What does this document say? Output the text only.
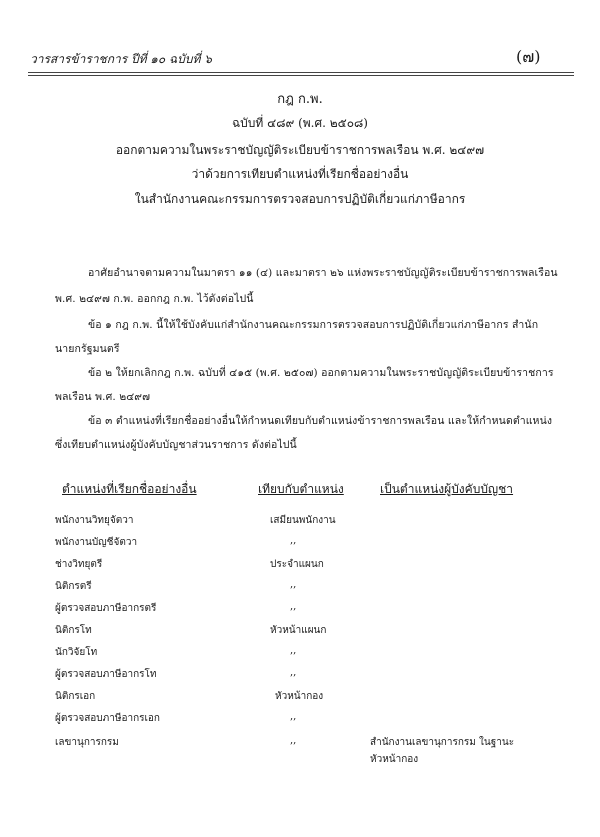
วารสารข้าราชการ ปีที่ ๑๐ ฉบับที่ ๖	(๗)
กฎ ก.พ.
ฉบับที่ ๔๘๙ (พ.ศ. ๒๕๐๘)
ออกตามความในพระราชบัญญัติระเบียบข้าราชการพลเรือน พ.ศ. ๒๔๙๗
ว่าด้วยการเทียบตำแหน่งที่เรียกชื่ออย่างอื่น
ในสำนักงานคณะกรรมการตรวจสอบการปฏิบัติเกี่ยวแก่ภาษีอากร
อาศัยอำนาจตามความในมาตรา ๑๑ (๔) และมาตรา ๒๖ แห่งพระราชบัญญัติระเบียบข้าราชการพลเรือน
พ.ศ. ๒๔๙๗ ก.พ. ออกกฎ ก.พ. ไว้ดังต่อไปนี้
ข้อ ๑ กฎ ก.พ. นี้ให้ใช้บังคับแก่สำนักงานคณะกรรมการตรวจสอบการปฏิบัติเกี่ยวแก่ภาษีอากร สำนัก
นายกรัฐมนตรี
ข้อ ๒ ให้ยกเลิกกฎ ก.พ. ฉบับที่ ๔๑๕ (พ.ศ. ๒๕๐๗) ออกตามความในพระราชบัญญัติระเบียบข้าราชการ
พลเรือน พ.ศ. ๒๔๙๗
ข้อ ๓ ตำแหน่งที่เรียกชื่ออย่างอื่นให้กำหนดเทียบกับตำแหน่งข้าราชการพลเรือน และให้กำหนดตำแหน่ง
ซึ่งเทียบตำแหน่งผู้บังคับบัญชาส่วนราชการ ดังต่อไปนี้
ตำแหน่งที่เรียกชื่ออย่างอื่น	เทียบกับตำแหน่ง	เป็นตำแหน่งผู้บังคับบัญชา
พนักงานวิทยุจัตวา	เสมียนพนักงาน
พนักงานบัญชีจัตวา	,,
ช่างวิทยุตรี	ประจำแผนก
นิติกรตรี	,,
ผู้ตรวจสอบภาษีอากรตรี	,,
นิติกรโท	หัวหน้าแผนก
นักวิจัยโท	,,
ผู้ตรวจสอบภาษีอากรโท	,,
นิติกรเอก	หัวหน้ากอง
ผู้ตรวจสอบภาษีอากรเอก	,,
เลขานุการกรม	,,	สำนักงานเลขานุการกรม ในฐานะ
หัวหน้ากอง
